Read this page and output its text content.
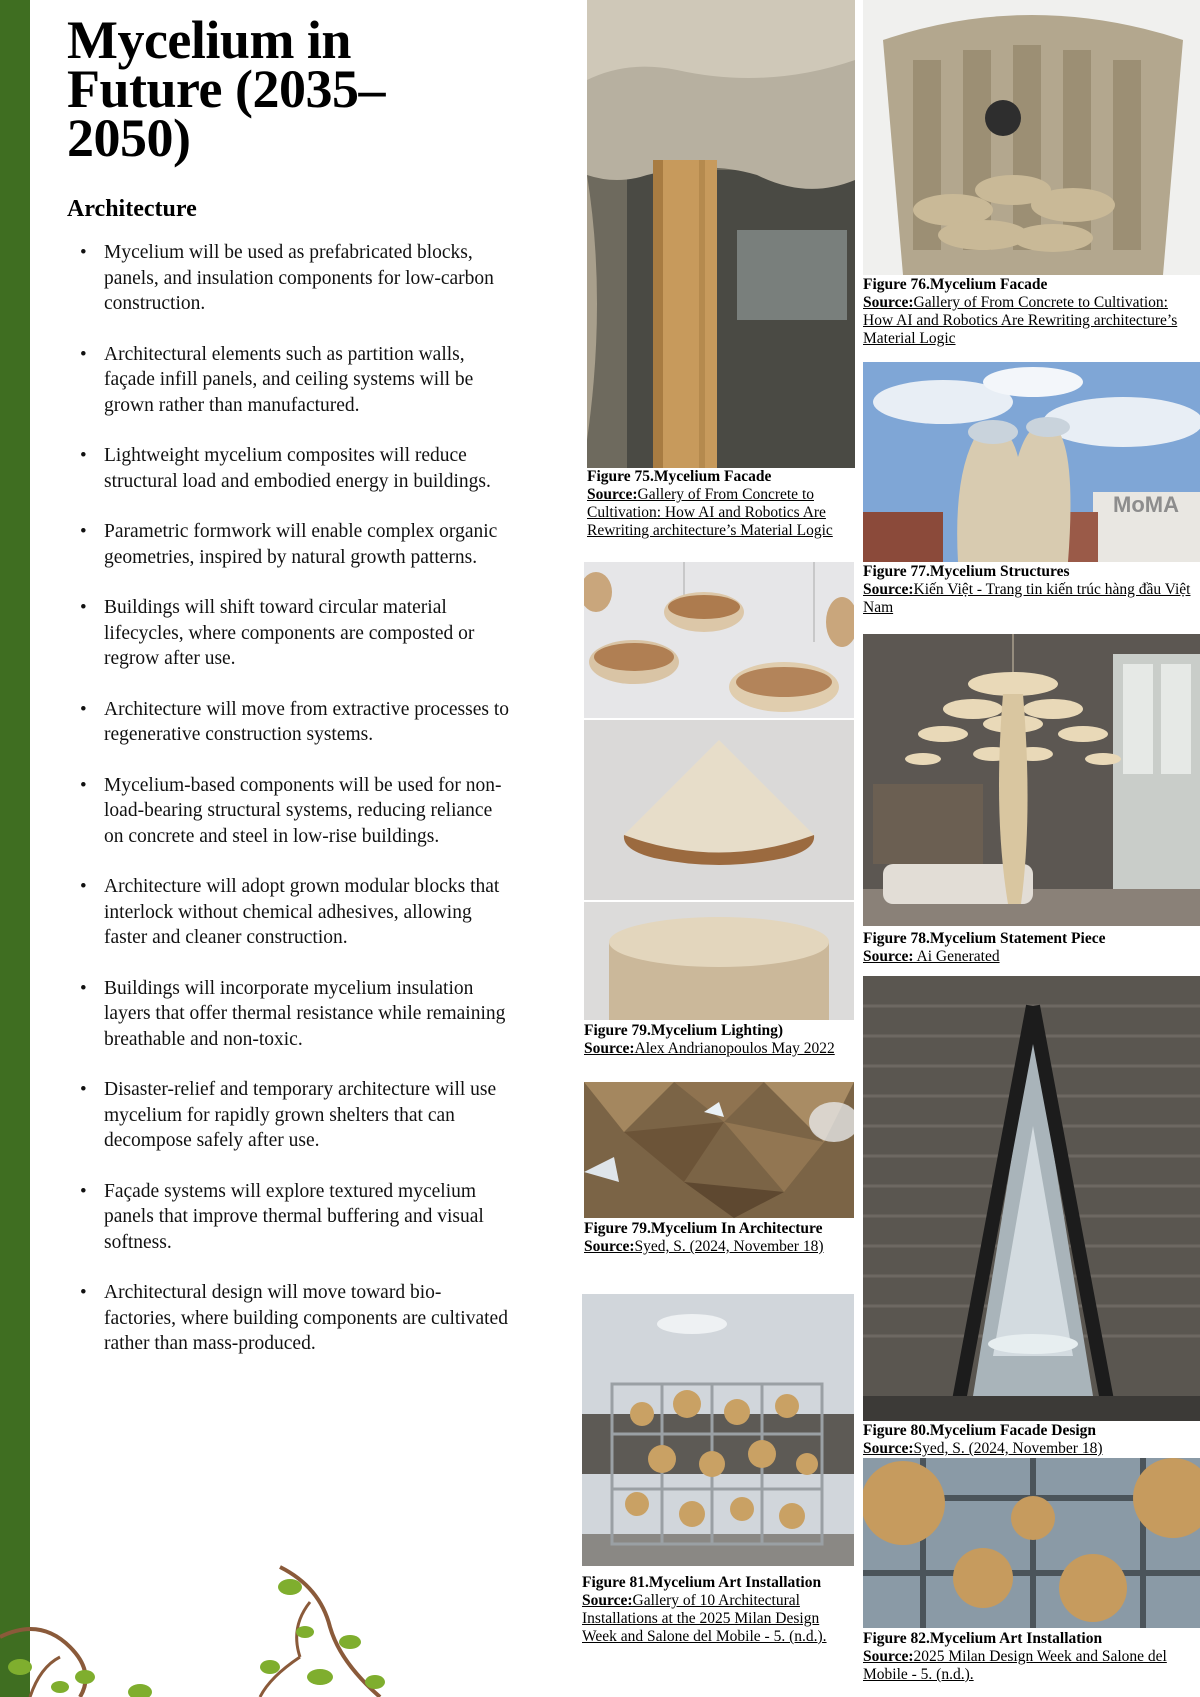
Mycelium in Future (2035–2050)
Architecture
• Mycelium will be used as prefabricated blocks, panels, and insulation components for low-carbon construction.
• Architectural elements such as partition walls, façade infill panels, and ceiling systems will be grown rather than manufactured.
• Lightweight mycelium composites will reduce structural load and embodied energy in buildings.
• Parametric formwork will enable complex organic geometries, inspired by natural growth patterns.
• Buildings will shift toward circular material lifecycles, where components are composted or regrow after use.
• Architecture will move from extractive processes to regenerative construction systems.
• Mycelium-based components will be used for non-load-bearing structural systems, reducing reliance on concrete and steel in low-rise buildings.
• Architecture will adopt grown modular blocks that interlock without chemical adhesives, allowing faster and cleaner construction.
• Buildings will incorporate mycelium insulation layers that offer thermal resistance while remaining breathable and non-toxic.
• Disaster-relief and temporary architecture will use mycelium for rapidly grown shelters that can decompose safely after use.
• Façade systems will explore textured mycelium panels that improve thermal buffering and visual softness.
• Architectural design will move toward bio-factories, where building components are cultivated rather than mass-produced.
Figure 75.Mycelium Facade
Source:Gallery of From Concrete to Cultivation: How AI and Robotics Are Rewriting architecture’s Material Logic
Figure 76.Mycelium Facade
Source:Gallery of From Concrete to Cultivation: How AI and Robotics Are Rewriting architecture’s Material Logic
MoMA
Figure 77.Mycelium Structures
Source:Kiến Việt - Trang tin kiến trúc hàng đầu Việt Nam
Figure 79.Mycelium Lighting)
Source:Alex Andrianopoulos May 2022
Figure 78.Mycelium Statement Piece
Source: Ai Generated
Figure 79.Mycelium In Architecture
Source:Syed, S. (2024, November 18)
Figure 80.Mycelium Facade Design
Source:Syed, S. (2024, November 18)
Figure 81.Mycelium Art Installation
Source:Gallery of 10 Architectural Installations at the 2025 Milan Design Week and Salone del Mobile - 5. (n.d.).	Figure 82.Mycelium Art Installation
Source:2025 Milan Design Week and Salone del Mobile - 5. (n.d.).
